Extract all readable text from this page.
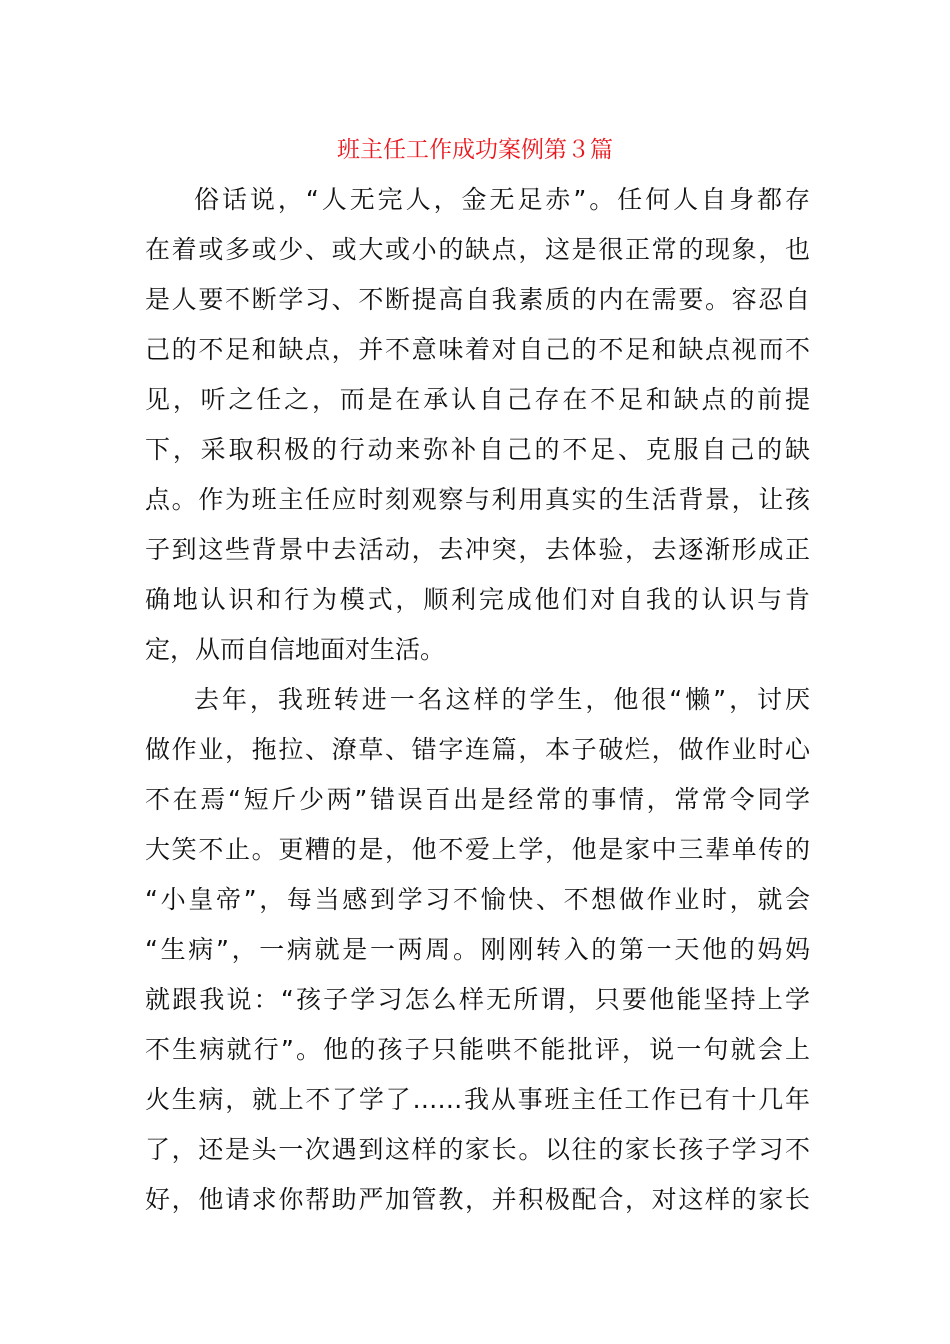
班主任工作成功案例第３篇
俗话说，“人无完人，金无足赤”。任何人自身都存
在着或多或少、或大或小的缺点，这是很正常的现象，也
是人要不断学习、不断提高自我素质的内在需要。容忍自
己的不足和缺点，并不意味着对自己的不足和缺点视而不
见，听之任之，而是在承认自己存在不足和缺点的前提
下，采取积极的行动来弥补自己的不足、克服自己的缺
点。作为班主任应时刻观察与利用真实的生活背景，让孩
子到这些背景中去活动，去冲突，去体验，去逐渐形成正
确地认识和行为模式，顺利完成他们对自我的认识与肯
定，从而自信地面对生活。
去年，我班转进一名这样的学生，他很“懒”，讨厌
做作业，拖拉、潦草、错字连篇，本子破烂，做作业时心
不在焉“短斤少两”错误百出是经常的事情，常常令同学
大笑不止。更糟的是，他不爱上学，他是家中三辈单传的
“小皇帝”，每当感到学习不愉快、不想做作业时，就会
“生病”，一病就是一两周。刚刚转入的第一天他的妈妈
就跟我说：“孩子学习怎么样无所谓，只要他能坚持上学
不生病就行”。他的孩子只能哄不能批评，说一句就会上
火生病，就上不了学了……我从事班主任工作已有十几年
了，还是头一次遇到这样的家长。以往的家长孩子学习不
好，他请求你帮助严加管教，并积极配合，对这样的家长
